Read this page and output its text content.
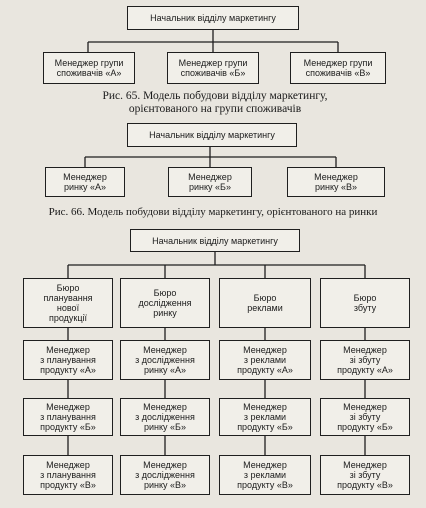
Начальник відділу маркетингу
Менеджер групи
споживачів «А»
Менеджер групи
споживачів «Б»
Менеджер групи
споживачів «В»
Рис. 65. Модель побудови відділу маркетингу,
орієнтованого на групи споживачів
Начальник відділу маркетингу
Менеджер
ринку «А»
Менеджер
ринку «Б»
Менеджер
ринку «В»
Рис. 66. Модель побудови відділу маркетингу, орієнтованого на ринки
Начальник відділу маркетингу
Бюро
планування
нової
продукції
Бюро
дослідження
ринку
Бюро
реклами
Бюро
збуту
Менеджер
з планування
продукту «А»
Менеджер
з дослідження
ринку «А»
Менеджер
з реклами
продукту «А»
Менеджер
зі збуту
продукту «А»
Менеджер
з планування
продукту «Б»
Менеджер
з дослідження
ринку «Б»
Менеджер
з реклами
продукту «Б»
Менеджер
зі збуту
продукту «Б»
Менеджер
з планування
продукту «В»
Менеджер
з дослідження
ринку «В»
Менеджер
з реклами
продукту «В»
Менеджер
зі збуту
продукту «В»
